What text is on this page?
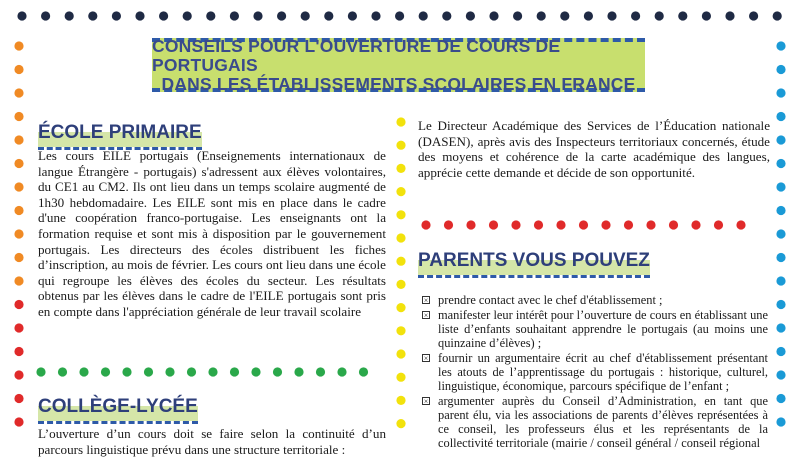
CONSEILS POUR L'OUVERTURE DE COURS DE PORTUGAIS
DANS LES ÉTABLISSEMENTS SCOLAIRES EN FRANCE
ÉCOLE PRIMAIRE

Les cours EILE portugais (Enseignements internationaux de langue Étrangère - portugais) s'adressent aux élèves volontaires, du CE1 au CM2. Ils ont lieu dans un temps scolaire augmenté de 1h30 hebdomadaire. Les EILE sont mis en place dans le cadre d'une coopération franco-portugaise. Les enseignants ont la formation requise et sont mis à disposition par le gouvernement portugais. Les directeurs des écoles distribuent les fiches d’inscription, au mois de février. Les cours ont lieu dans une école qui regroupe les élèves des écoles du secteur. Les résultats obtenus par les élèves dans le cadre de l'EILE portugais sont pris en compte dans l'appréciation générale de leur travail scolaire

COLLÈGE-LYCÉE

L’ouverture d’un cours doit se faire selon la continuité d’un parcours linguistique prévu dans une structure territoriale :

Le Directeur Académique des Services de l’Éducation nationale (DASEN), après avis des Inspecteurs territoriaux concernés, étude des moyens et cohérence de la carte académique des langues, apprécie cette demande et décide de son opportunité.

PARENTS VOUS POUVEZ
× prendre contact avec le chef d'établissement ;
× manifester leur intérêt pour l’ouverture de cours en établissant une liste d’enfants souhaitant apprendre le portugais (au moins une quinzaine d’élèves) ;
× fournir un argumentaire écrit au chef d'établissement présentant les atouts de l’apprentissage du portugais : historique, culturel, linguistique, économique, parcours spécifique de l’enfant ;
× argumenter auprès du Conseil d’Administration, en tant que parent élu, via les associations de parents d’élèves représentées à ce conseil, les professeurs élus et les représentants de la collectivité territoriale (mairie / conseil général / conseil régional
